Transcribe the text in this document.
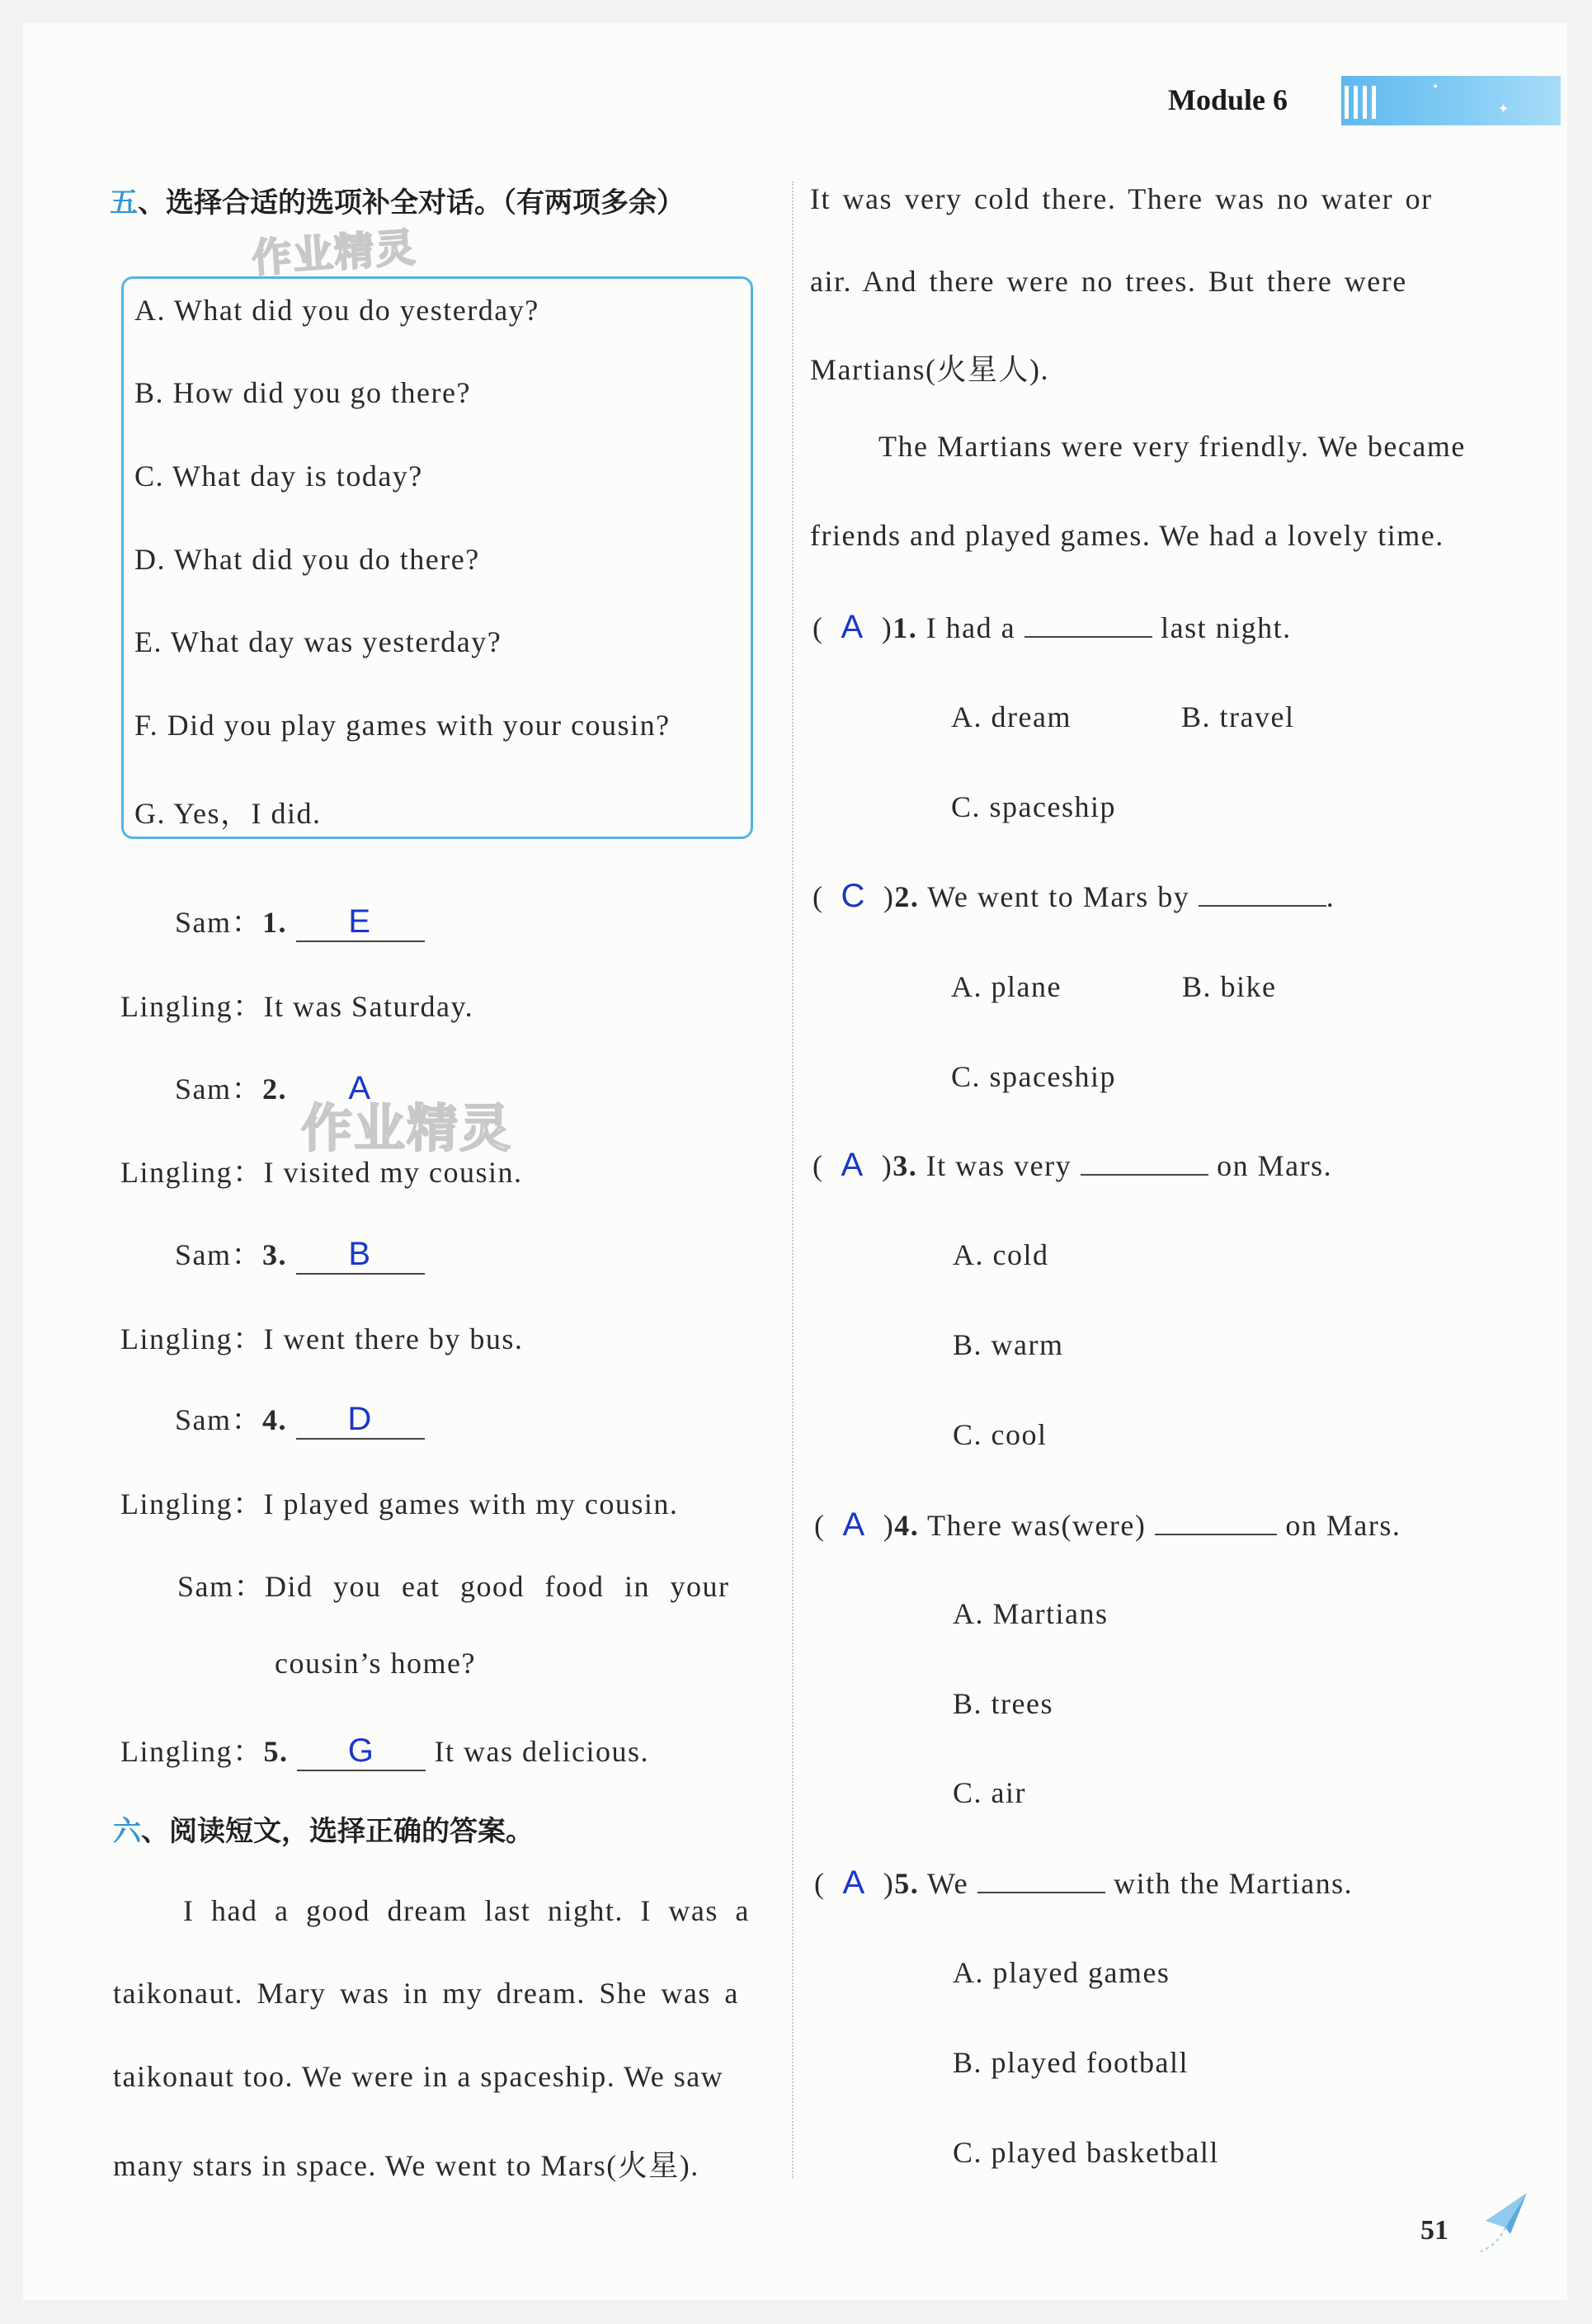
Module 6	✦
✦
五、选择合适的选项补全对话。（有两项多余）
作业精灵
A. What did you do yesterday?
B. How did you go there?
C. What day is today?
D. What did you do there?
E. What day was yesterday?
F. Did you play games with your cousin?
G. Yes，I did.
Sam：1. E
Lingling：It was Saturday.
Sam：2. A
作业精灵
Lingling：I visited my cousin.
Sam：3. B
Lingling：I went there by bus.
Sam：4. D
Lingling：I played games with my cousin.
Sam：Did you eat good food in your
cousin’s home?
Lingling：5. G It was delicious.
六、阅读短文，选择正确的答案。
I had a good dream last night. I was a
taikonaut. Mary was in my dream. She was a
taikonaut too. We were in a spaceship. We saw
many stars in space. We went to Mars(火星).
It was very cold there. There was no water or
air. And there were no trees. But there were
Martians(火星人).
The Martians were very friendly. We became
friends and played games. We had a lovely time.
(  A  )1. I had a	last night.
A. dream	B. travel
C. spaceship
(  C  )2. We went to Mars by	.
A. plane	B. bike
C. spaceship
(  A  )3. It was very	on Mars.
A. cold
B. warm
C. cool
(  A  )4. There was(were)	on Mars.
A. Martians
B. trees
C. air
(  A  )5. We	with the Martians.
A. played games
B. played football
C. played basketball
51
